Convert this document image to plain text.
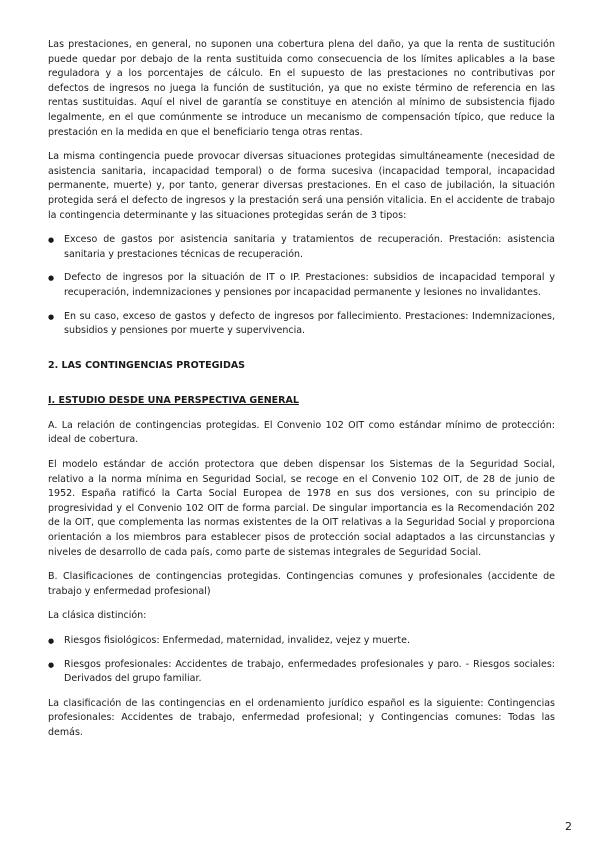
Las prestaciones, en general, no suponen una cobertura plena del daño, ya que la renta de sustitución puede quedar por debajo de la renta sustituida como consecuencia de los límites aplicables a la base reguladora y a los porcentajes de cálculo. En el supuesto de las prestaciones no contributivas por defectos de ingresos no juega la función de sustitución, ya que no existe término de referencia en las rentas sustituidas. Aquí el nivel de garantía se constituye en atención al mínimo de subsistencia fijado legalmente, en el que comúnmente se introduce un mecanismo de compensación típico, que reduce la prestación en la medida en que el beneficiario tenga otras rentas.

La misma contingencia puede provocar diversas situaciones protegidas simultáneamente (necesidad de asistencia sanitaria, incapacidad temporal) o de forma sucesiva (incapacidad temporal, incapacidad permanente, muerte) y, por tanto, generar diversas prestaciones. En el caso de jubilación, la situación protegida será el defecto de ingresos y la prestación será una pensión vitalicia. En el accidente de trabajo la contingencia determinante y las situaciones protegidas serán de 3 tipos:

● Exceso de gastos por asistencia sanitaria y tratamientos de recuperación. Prestación: asistencia sanitaria y prestaciones técnicas de recuperación.
● Defecto de ingresos por la situación de IT o IP. Prestaciones: subsidios de incapacidad temporal y recuperación, indemnizaciones y pensiones por incapacidad permanente y lesiones no invalidantes.
● En su caso, exceso de gastos y defecto de ingresos por fallecimiento. Prestaciones: Indemnizaciones, subsidios y pensiones por muerte y supervivencia.

2. LAS CONTINGENCIAS PROTEGIDAS

I. ESTUDIO DESDE UNA PERSPECTIVA GENERAL

A. La relación de contingencias protegidas. El Convenio 102 OIT como estándar mínimo de protección: ideal de cobertura.

El modelo estándar de acción protectora que deben dispensar los Sistemas de la Seguridad Social, relativo a la norma mínima en Seguridad Social, se recoge en el Convenio 102 OIT, de 28 de junio de 1952. España ratificó la Carta Social Europea de 1978 en sus dos versiones, con su principio de progresividad y el Convenio 102 OIT de forma parcial. De singular importancia es la Recomendación 202 de la OIT, que complementa las normas existentes de la OIT relativas a la Seguridad Social y proporciona orientación a los miembros para establecer pisos de protección social adaptados a las circunstancias y niveles de desarrollo de cada país, como parte de sistemas integrales de Seguridad Social.

B. Clasificaciones de contingencias protegidas. Contingencias comunes y profesionales (accidente de trabajo y enfermedad profesional)

La clásica distinción:

● Riesgos fisiológicos: Enfermedad, maternidad, invalidez, vejez y muerte.
● Riesgos profesionales: Accidentes de trabajo, enfermedades profesionales y paro. - Riesgos sociales: Derivados del grupo familiar.

La clasificación de las contingencias en el ordenamiento jurídico español es la siguiente: Contingencias profesionales: Accidentes de trabajo, enfermedad profesional; y Contingencias comunes: Todas las demás.

2
